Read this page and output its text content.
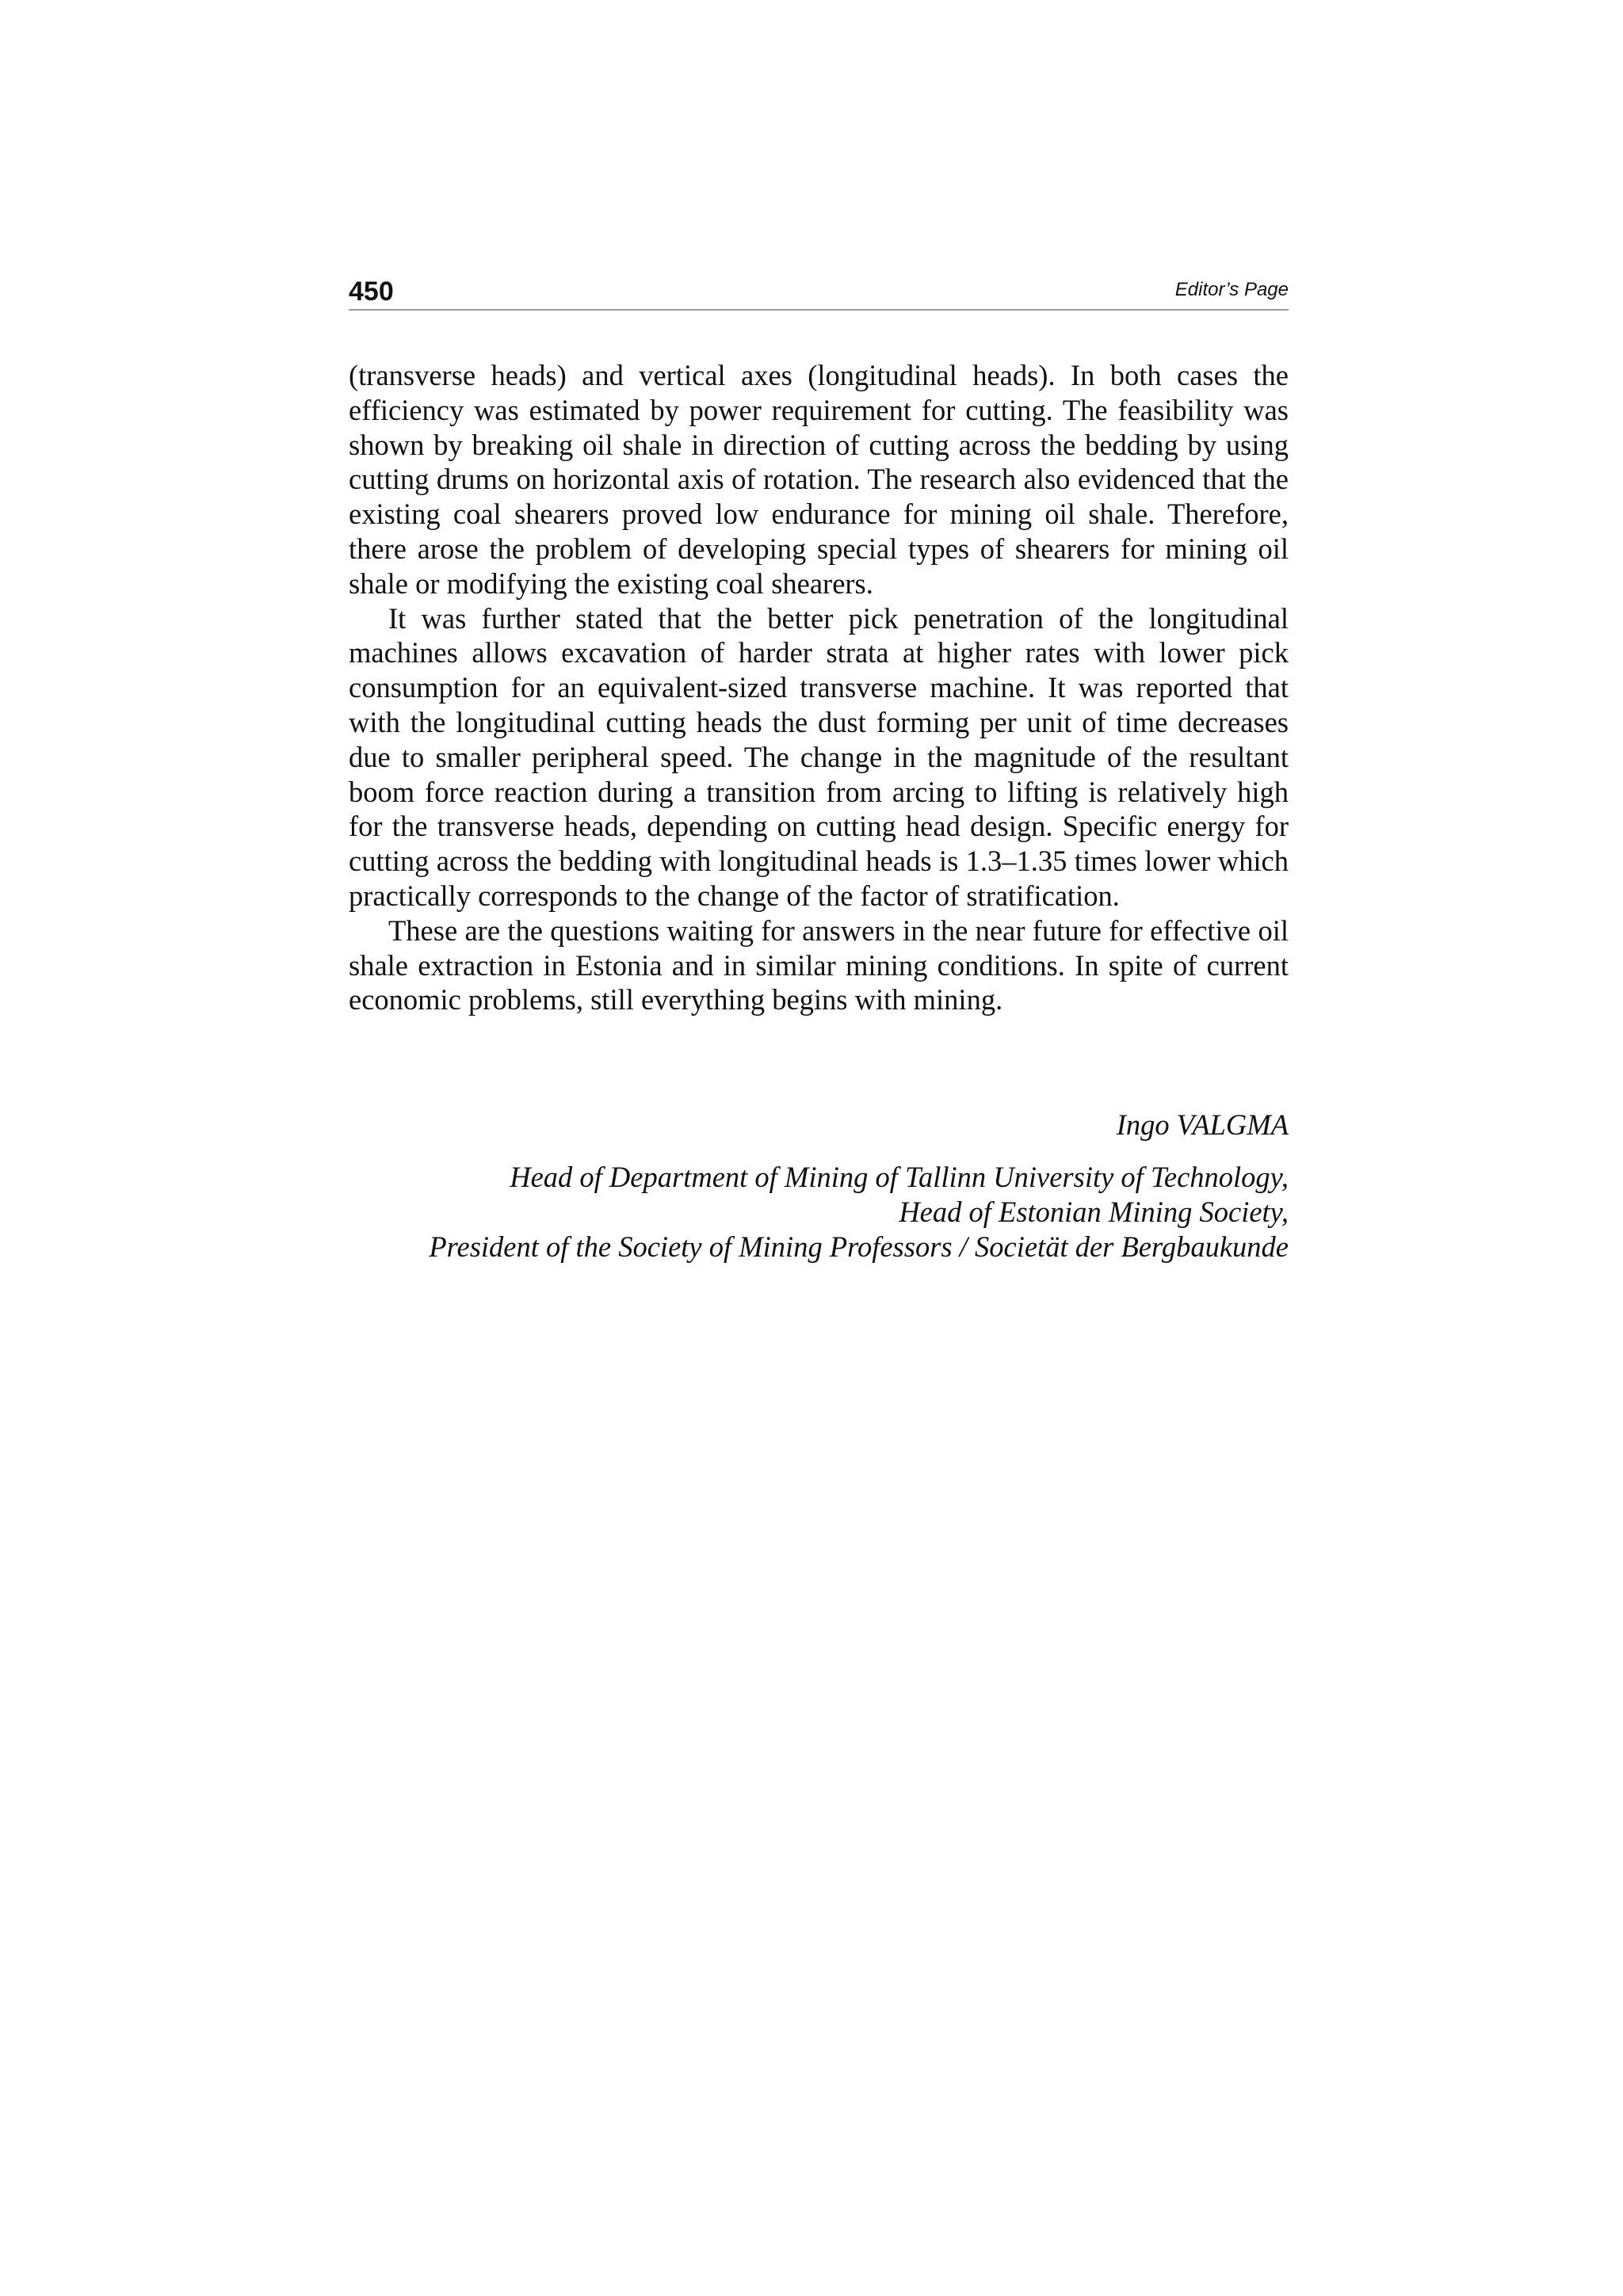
450	Editor’s Page

(transverse heads) and vertical axes (longitudinal heads). In both cases the efficiency was estimated by power requirement for cutting. The feasibility was shown by breaking oil shale in direction of cutting across the bedding by using cutting drums on horizontal axis of rotation. The research also evidenced that the existing coal shearers proved low endurance for mining oil shale. Therefore, there arose the problem of developing special types of shearers for mining oil shale or modifying the existing coal shearers.

It was further stated that the better pick penetration of the longitudinal machines allows excavation of harder strata at higher rates with lower pick consumption for an equivalent-sized transverse machine. It was reported that with the longitudinal cutting heads the dust forming per unit of time decreases due to smaller peripheral speed. The change in the magnitude of the resultant boom force reaction during a transition from arcing to lifting is relatively high for the transverse heads, depending on cutting head design. Specific energy for cutting across the bedding with longitudinal heads is 1.3–1.35 times lower which practically corresponds to the change of the factor of stratification.

These are the questions waiting for answers in the near future for effective oil shale extraction in Estonia and in similar mining conditions. In spite of current economic problems, still everything begins with mining.

Ingo VALGMA
Head of Department of Mining of Tallinn University of Technology,
Head of Estonian Mining Society,
President of the Society of Mining Professors / Societät der Bergbaukunde
